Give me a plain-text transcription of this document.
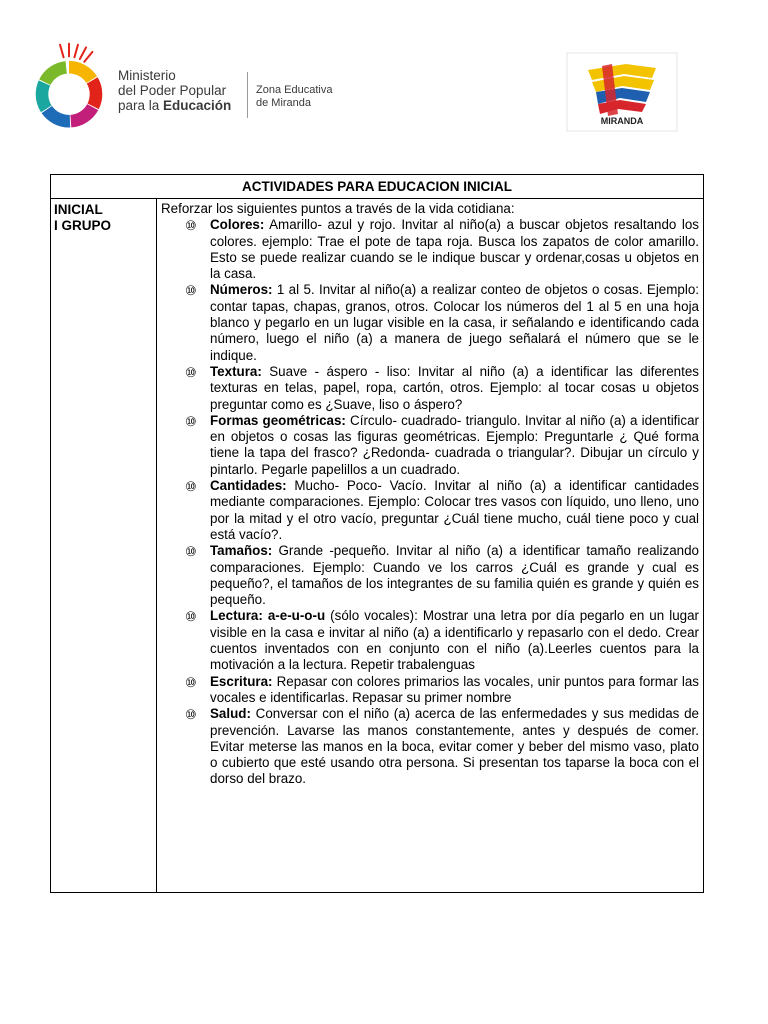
Ministerio
del Poder Popular
para la Educación
Zona Educativa
de Miranda
MIRANDA
ACTIVIDADES PARA EDUCACION INICIAL
INICIAL
I GRUPO
Reforzar los siguientes puntos a través de la vida cotidiana:
⑩ Colores: Amarillo- azul y rojo. Invitar al niño(a) a buscar objetos resaltando los colores. ejemplo: Trae el pote de tapa roja. Busca los zapatos de color amarillo. Esto se puede realizar cuando se le indique buscar y ordenar,cosas u objetos en la casa.
⑩ Números: 1 al 5. Invitar al niño(a) a realizar conteo de objetos o cosas. Ejemplo: contar tapas, chapas, granos, otros. Colocar los números del 1 al 5 en una hoja blanco y pegarlo en un lugar visible en la casa, ir señalando e identificando cada número, luego el niño (a) a manera de juego señalará el número que se le indique.
⑩ Textura: Suave - áspero - liso: Invitar al niño (a) a identificar las diferentes texturas en telas, papel, ropa, cartón, otros. Ejemplo: al tocar cosas u objetos preguntar como es ¿Suave, liso o áspero?
⑩ Formas geométricas: Círculo- cuadrado- triangulo. Invitar al niño (a) a identificar en objetos o cosas las figuras geométricas. Ejemplo: Preguntarle ¿ Qué forma tiene la tapa del frasco? ¿Redonda- cuadrada o triangular?. Dibujar un círculo y pintarlo. Pegarle papelillos a un cuadrado.
⑩ Cantidades: Mucho- Poco- Vacío. Invitar al niño (a) a identificar cantidades mediante comparaciones. Ejemplo: Colocar tres vasos con líquido, uno lleno, uno por la mitad y el otro vacío, preguntar ¿Cuál tiene mucho, cuál tiene poco y cual está vacío?.
⑩ Tamaños: Grande -pequeño. Invitar al niño (a) a identificar tamaño realizando comparaciones. Ejemplo: Cuando ve los carros ¿Cuál es grande y cual es pequeño?, el tamaños de los integrantes de su familia quién es grande y quién es pequeño.
⑩ Lectura: a-e-u-o-u (sólo vocales): Mostrar una letra por día pegarlo en un lugar visible en la casa e invitar al niño (a) a identificarlo y repasarlo con el dedo. Crear cuentos inventados con en conjunto con el niño (a).Leerles cuentos para la motivación a la lectura. Repetir trabalenguas
⑩ Escritura: Repasar con colores primarios las vocales, unir puntos para formar las vocales e identificarlas. Repasar su primer nombre
⑩ Salud: Conversar con el niño (a) acerca de las enfermedades y sus medidas de prevención. Lavarse las manos constantemente, antes y después de comer. Evitar meterse las manos en la boca, evitar comer y beber del mismo vaso, plato o cubierto que esté usando otra persona. Si presentan tos taparse la boca con el dorso del brazo.
